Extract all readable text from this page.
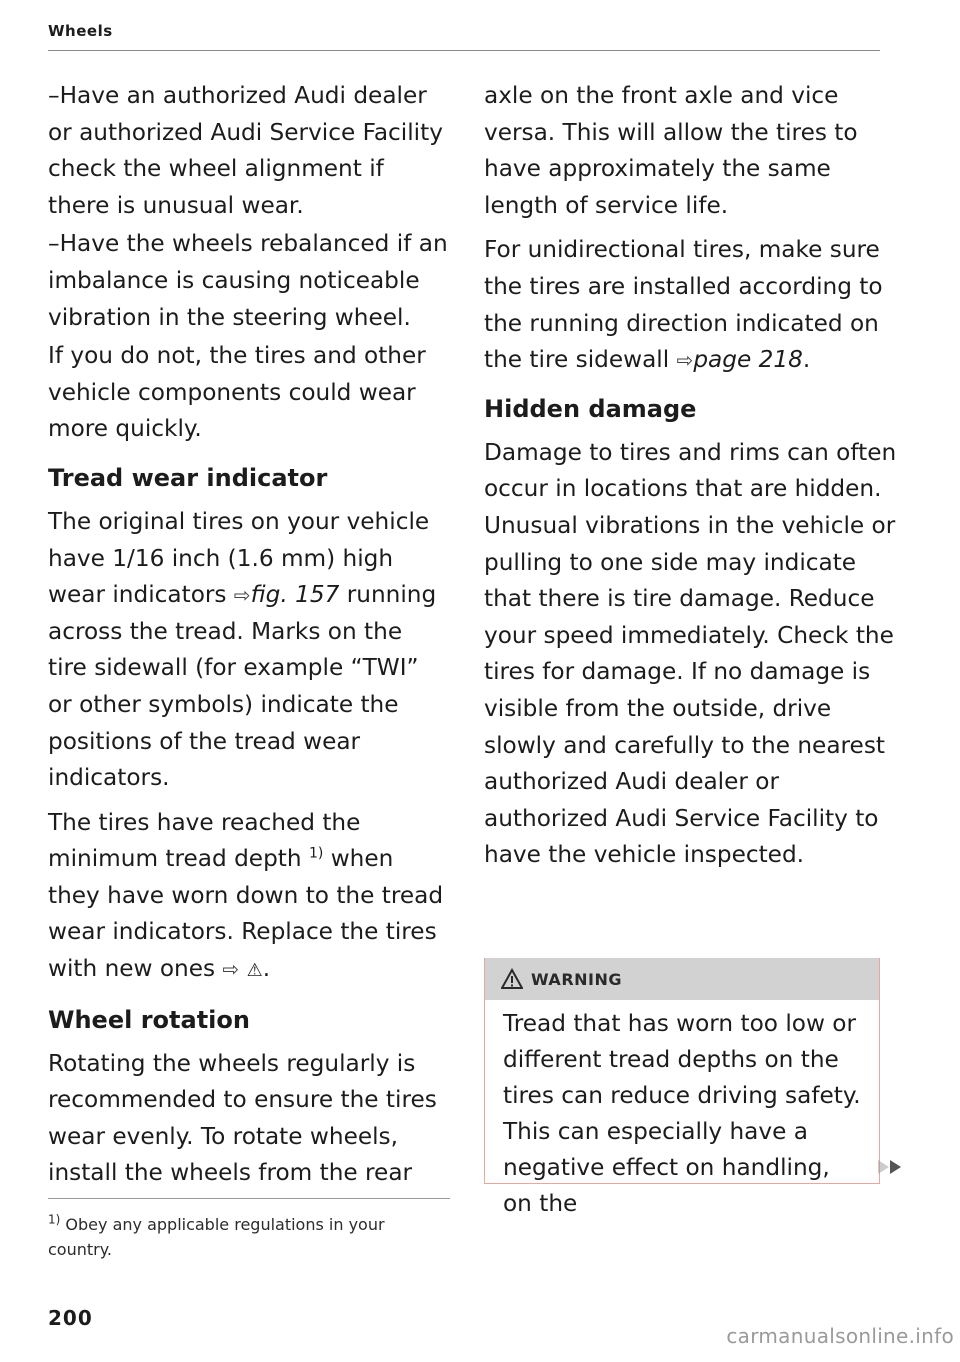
Wheels

–Have an authorized Audi dealer or authorized Audi Service Facility check the wheel alignment if there is unusual wear.

–Have the wheels rebalanced if an imbalance is causing noticeable vibration in the steering wheel.

If you do not, the tires and other vehicle components could wear more quickly.

Tread wear indicator

The original tires on your vehicle have 1/16 inch (1.6 mm) high wear indicators ⇨fig. 157 running across the tread. Marks on the tire sidewall (for example “TWI” or other symbols) indicate the positions of the tread wear indicators.

The tires have reached the minimum tread depth $^{1)}$ when they have worn down to the tread wear indicators. Replace the tires with new ones ⇨ ⚠.

Wheel rotation

Rotating the wheels regularly is recommended to ensure the tires wear evenly. To rotate wheels, install the wheels from the rear

axle on the front axle and vice versa. This will allow the tires to have approximately the same length of service life.

For unidirectional tires, make sure the tires are installed according to the running direction indicated on the tire sidewall ⇨page 218.

Hidden damage

Damage to tires and rims can often occur in locations that are hidden. Unusual vibrations in the vehicle or pulling to one side may indicate that there is tire damage. Reduce your speed immediately. Check the tires for damage. If no damage is visible from the outside, drive slowly and carefully to the nearest authorized Audi dealer or authorized Audi Service Facility to have the vehicle inspected.

WARNING
Tread that has worn too low or different tread depths on the tires can reduce driving safety. This can especially have a negative effect on handling, on the
$^{1)}$ Obey any applicable regulations in your country.
200
carmanualsonline.info
